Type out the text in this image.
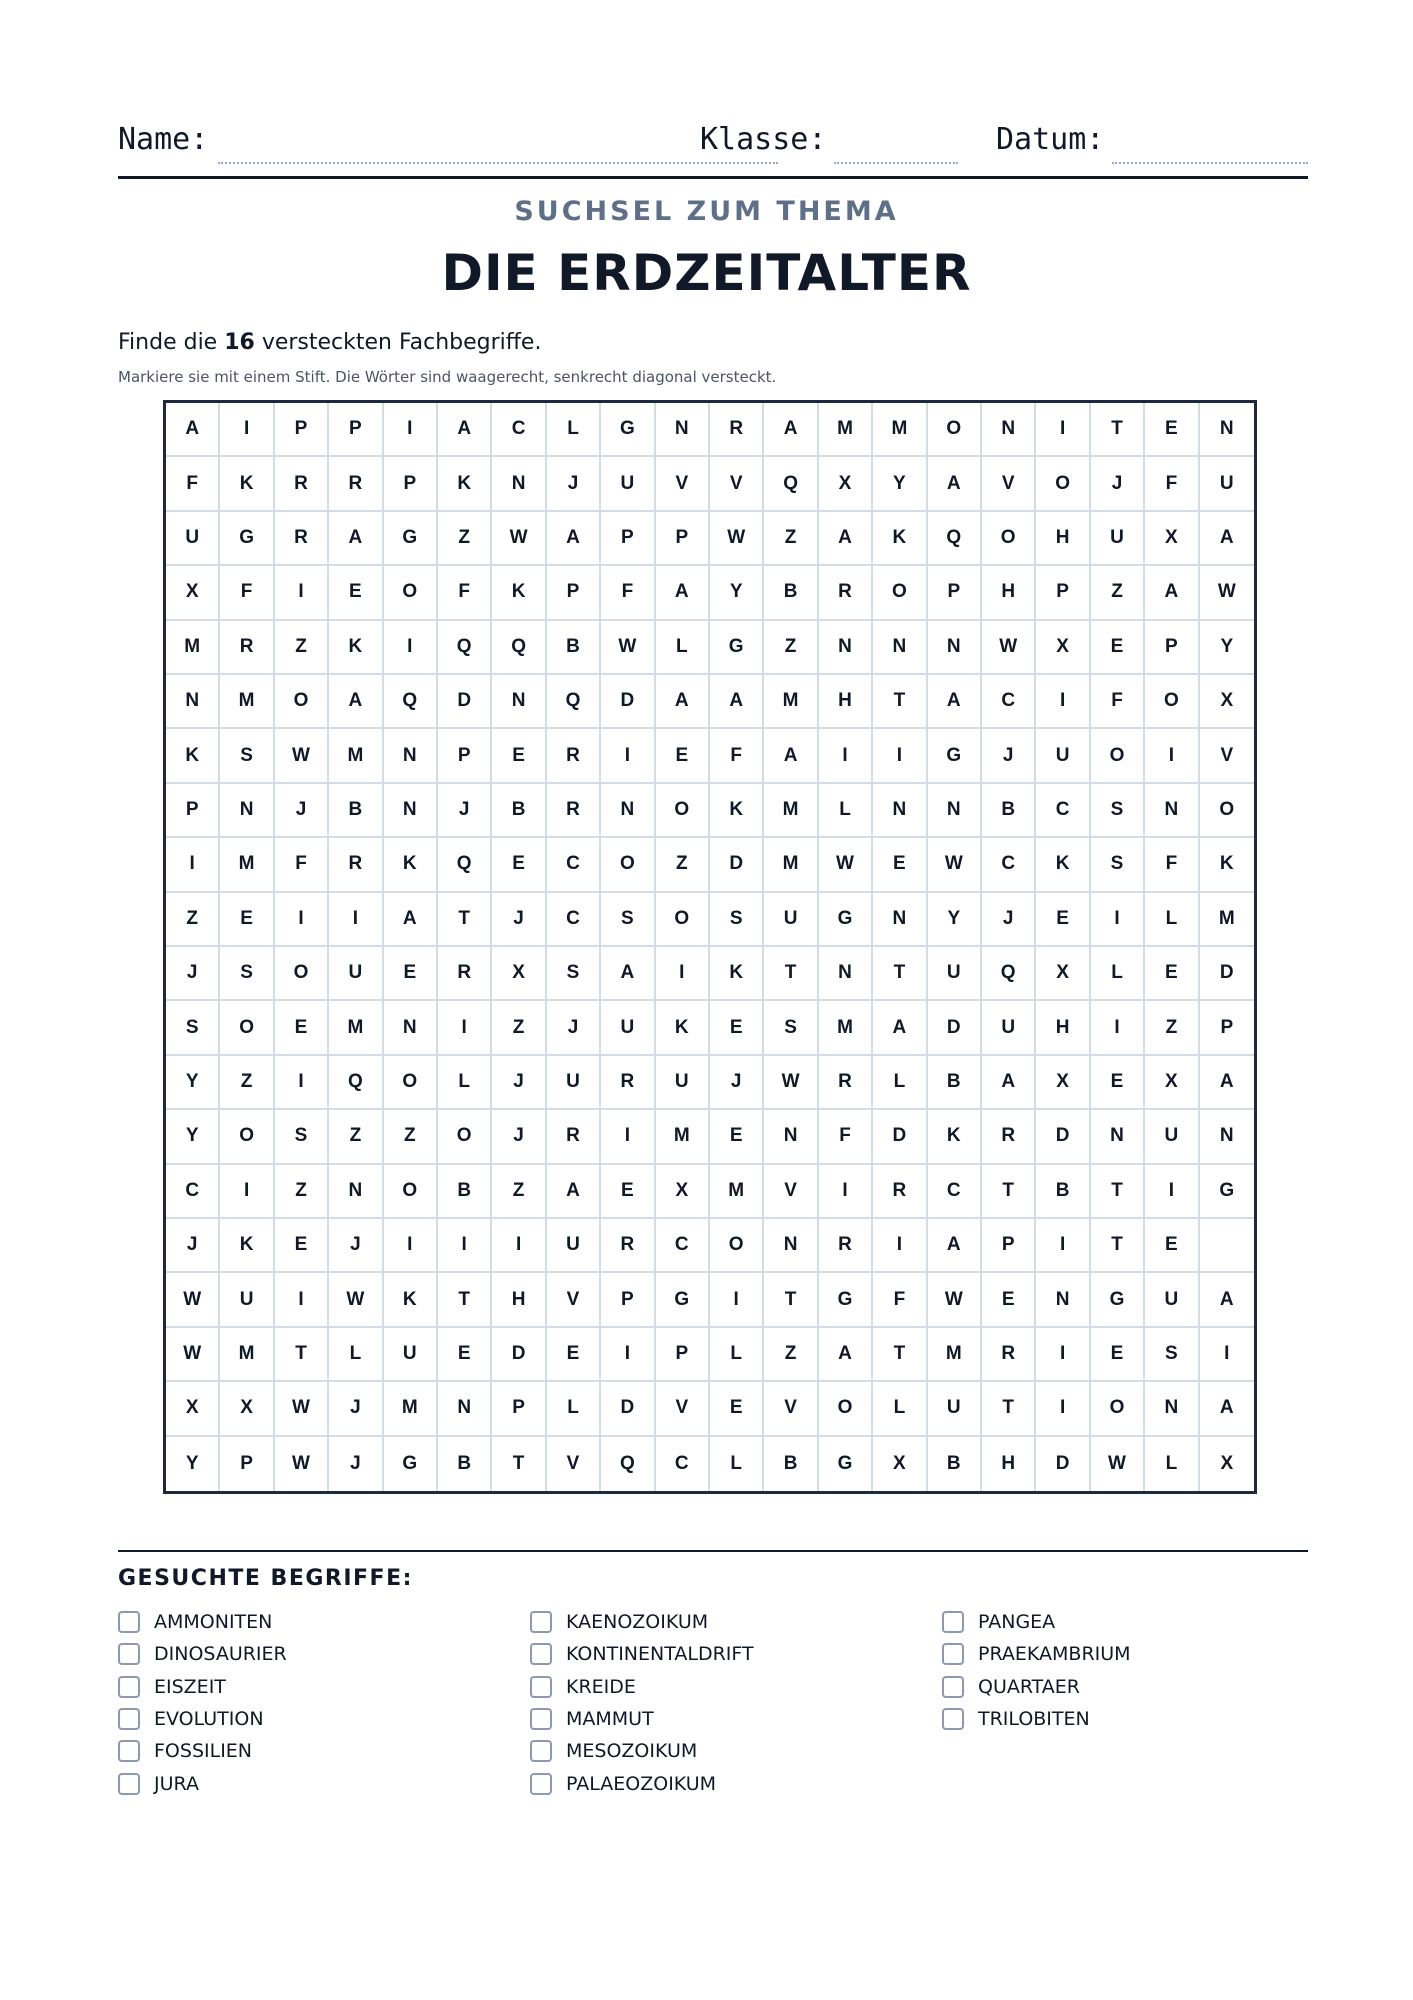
Name:	Klasse:	Datum:
SUCHSEL ZUM THEMA
DIE ERDZEITALTER
Finde die 16 versteckten Fachbegriffe.
Markiere sie mit einem Stift. Die Wörter sind waagerecht, senkrecht diagonal versteckt.
A	I	P	P	I	A	C	L	G	N	R	A	M	M	O	N	I	T	E	N
F	K	R	R	P	K	N	J	U	V	V	Q	X	Y	A	V	O	J	F	U
U	G	R	A	G	Z	W	A	P	P	W	Z	A	K	Q	O	H	U	X	A
X	F	I	E	O	F	K	P	F	A	Y	B	R	O	P	H	P	Z	A	W
M	R	Z	K	I	Q	Q	B	W	L	G	Z	N	N	N	W	X	E	P	Y
N	M	O	A	Q	D	N	Q	D	A	A	M	H	T	A	C	I	F	O	X
K	S	W	M	N	P	E	R	I	E	F	A	I	I	G	J	U	O	I	V
P	N	J	B	N	J	B	R	N	O	K	M	L	N	N	B	C	S	N	O
I	M	F	R	K	Q	E	C	O	Z	D	M	W	E	W	C	K	S	F	K
Z	E	I	I	A	T	J	C	S	O	S	U	G	N	Y	J	E	I	L	M
J	S	O	U	E	R	X	S	A	I	K	T	N	T	U	Q	X	L	E	D
S	O	E	M	N	I	Z	J	U	K	E	S	M	A	D	U	H	I	Z	P
Y	Z	I	Q	O	L	J	U	R	U	J	W	R	L	B	A	X	E	X	A
Y	O	S	Z	Z	O	J	R	I	M	E	N	F	D	K	R	D	N	U	N
C	I	Z	N	O	B	Z	A	E	X	M	V	I	R	C	T	B	T	I	G
J	K	E	J	I	I	I	U	R	C	O	N	R	I	A	P	I	T	E
W	U	I	W	K	T	H	V	P	G	I	T	G	F	W	E	N	G	U	A
W	M	T	L	U	E	D	E	I	P	L	Z	A	T	M	R	I	E	S	I
X	X	W	J	M	N	P	L	D	V	E	V	O	L	U	T	I	O	N	A
Y	P	W	J	G	B	T	V	Q	C	L	B	G	X	B	H	D	W	L	X
GESUCHTE BEGRIFFE:
AMMONITEN
DINOSAURIER
EISZEIT
EVOLUTION
FOSSILIEN
JURA
KAENOZOIKUM
KONTINENTALDRIFT
KREIDE
MAMMUT
MESOZOIKUM
PALAEOZOIKUM
PANGEA
PRAEKAMBRIUM
QUARTAER
TRILOBITEN
